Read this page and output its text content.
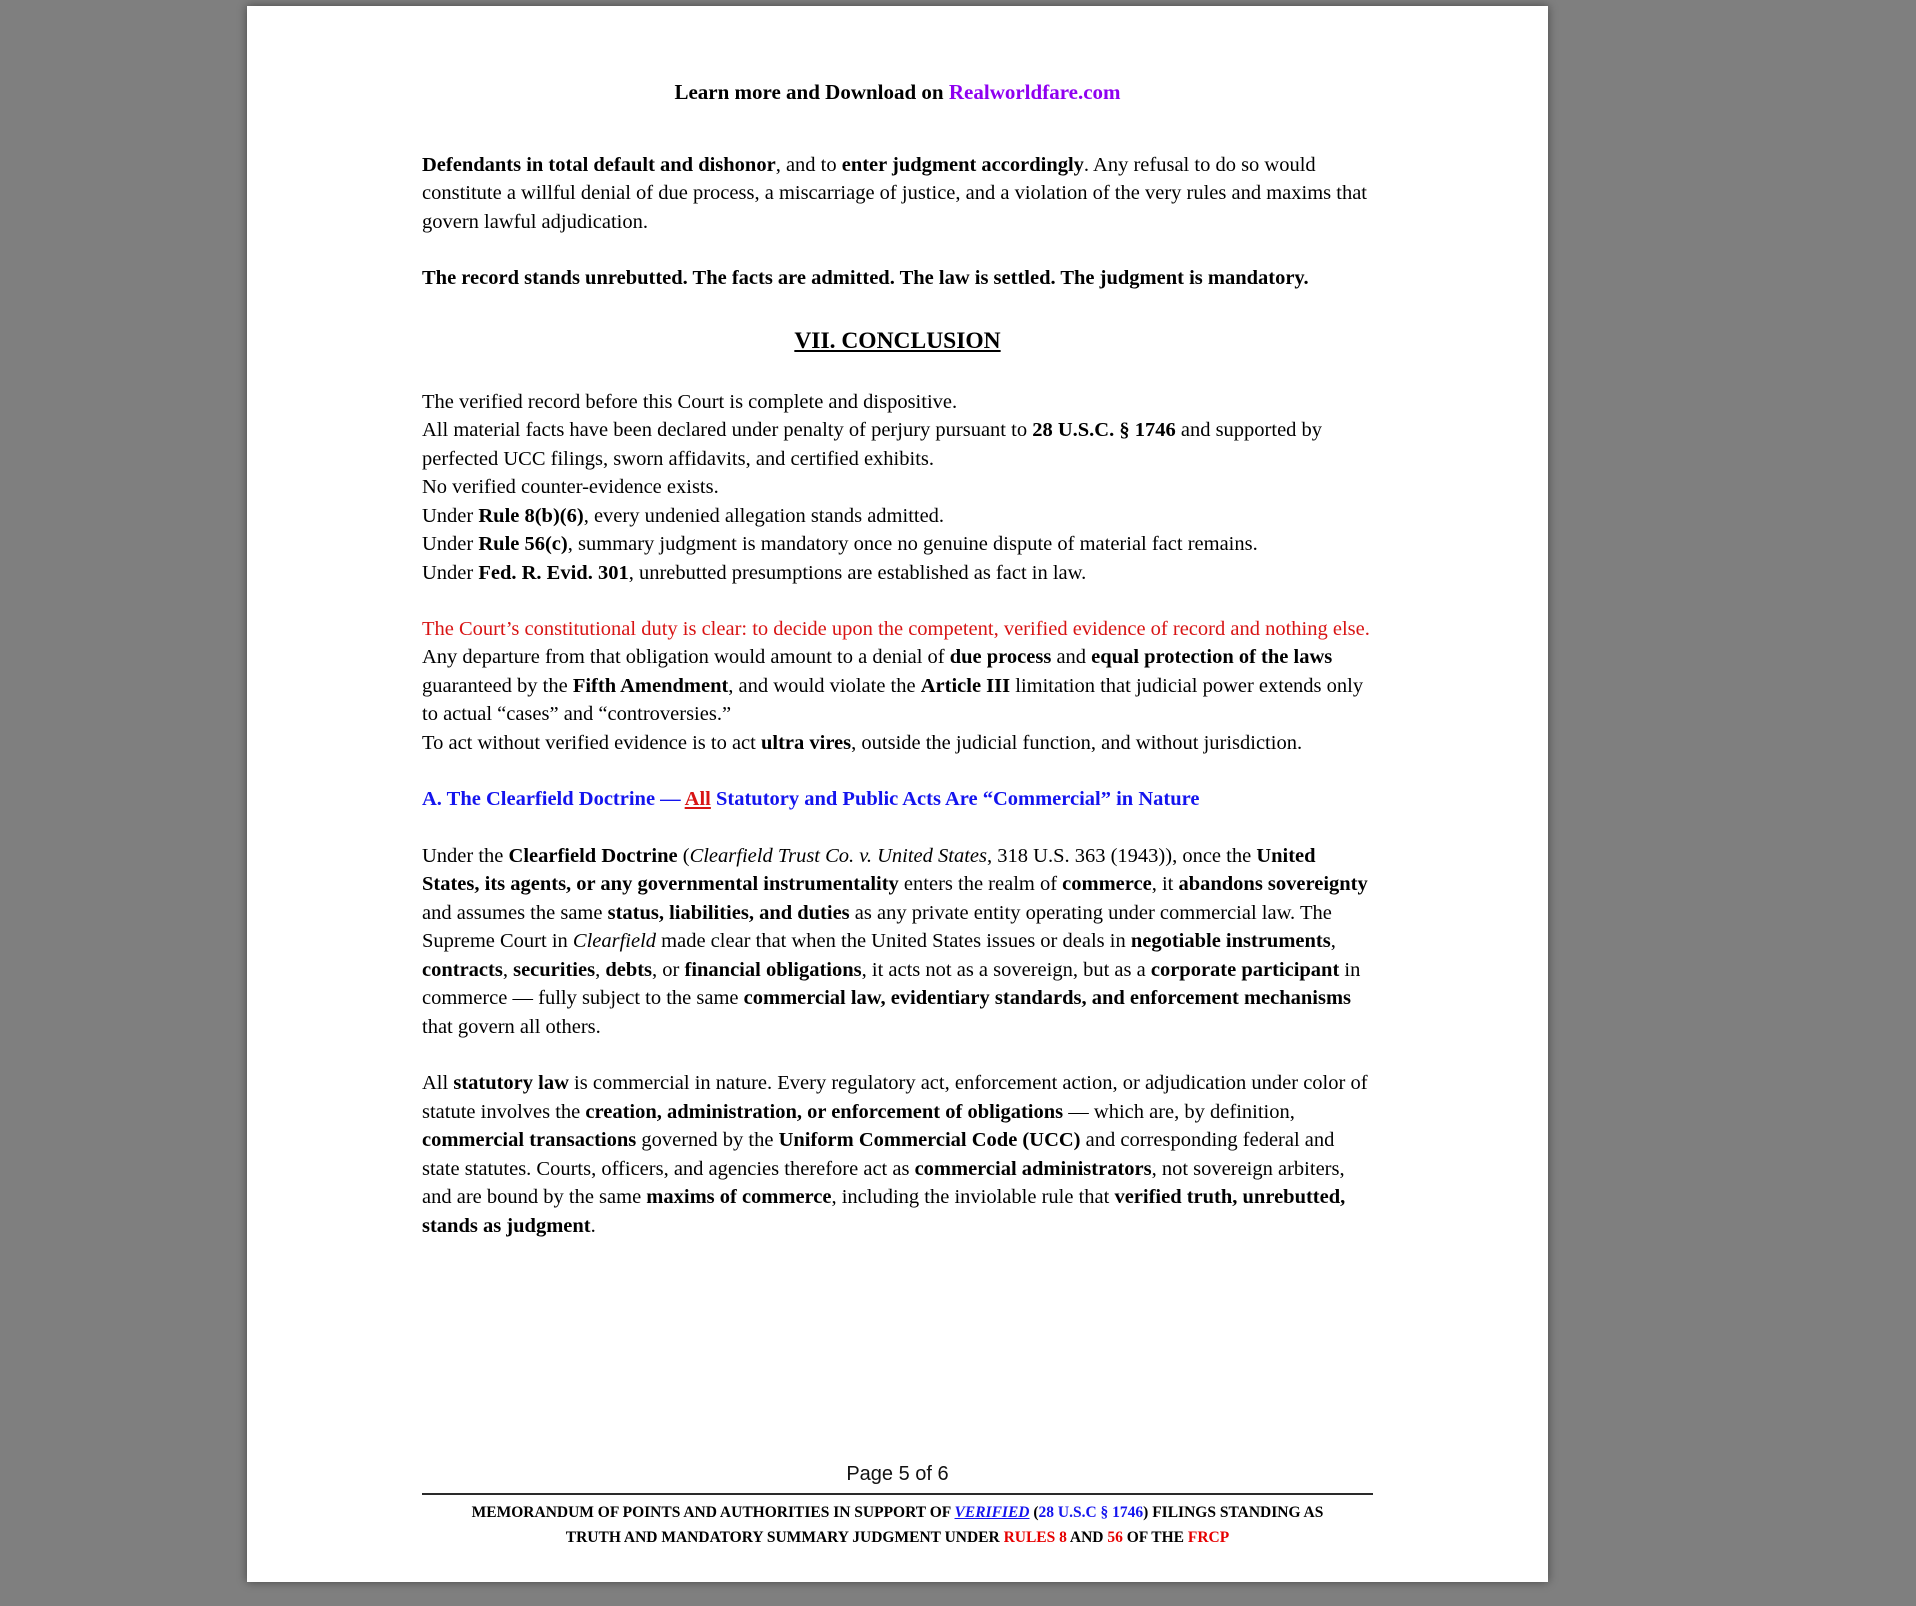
Learn more and Download on Realworldfare.com
Defendants in total default and dishonor, and to enter judgment accordingly. Any refusal to do so would constitute a willful denial of due process, a miscarriage of justice, and a violation of the very rules and maxims that govern lawful adjudication.
The record stands unrebutted. The facts are admitted. The law is settled. The judgment is mandatory.
VII. CONCLUSION
The verified record before this Court is complete and dispositive.
All material facts have been declared under penalty of perjury pursuant to 28 U.S.C. § 1746 and supported by perfected UCC filings, sworn affidavits, and certified exhibits.
No verified counter-evidence exists.
Under Rule 8(b)(6), every undenied allegation stands admitted.
Under Rule 56(c), summary judgment is mandatory once no genuine dispute of material fact remains.
Under Fed. R. Evid. 301, unrebutted presumptions are established as fact in law.
The Court’s constitutional duty is clear: to decide upon the competent, verified evidence of record and nothing else.
Any departure from that obligation would amount to a denial of due process and equal protection of the laws guaranteed by the Fifth Amendment, and would violate the Article III limitation that judicial power extends only to actual “cases” and “controversies.”
To act without verified evidence is to act ultra vires, outside the judicial function, and without jurisdiction.
A. The Clearfield Doctrine — All Statutory and Public Acts Are “Commercial” in Nature
Under the Clearfield Doctrine (Clearfield Trust Co. v. United States, 318 U.S. 363 (1943)), once the United States, its agents, or any governmental instrumentality enters the realm of commerce, it abandons sovereignty and assumes the same status, liabilities, and duties as any private entity operating under commercial law. The Supreme Court in Clearfield made clear that when the United States issues or deals in negotiable instruments, contracts, securities, debts, or financial obligations, it acts not as a sovereign, but as a corporate participant in commerce — fully subject to the same commercial law, evidentiary standards, and enforcement mechanisms that govern all others.
All statutory law is commercial in nature. Every regulatory act, enforcement action, or adjudication under color of statute involves the creation, administration, or enforcement of obligations — which are, by definition, commercial transactions governed by the Uniform Commercial Code (UCC) and corresponding federal and state statutes. Courts, officers, and agencies therefore act as commercial administrators, not sovereign arbiters, and are bound by the same maxims of commerce, including the inviolable rule that verified truth, unrebutted, stands as judgment.
Page 5 of 6
MEMORANDUM OF POINTS AND AUTHORITIES IN SUPPORT OF VERIFIED (28 U.S.C § 1746) FILINGS STANDING AS
TRUTH AND MANDATORY SUMMARY JUDGMENT UNDER RULES 8 AND 56 OF THE FRCP
